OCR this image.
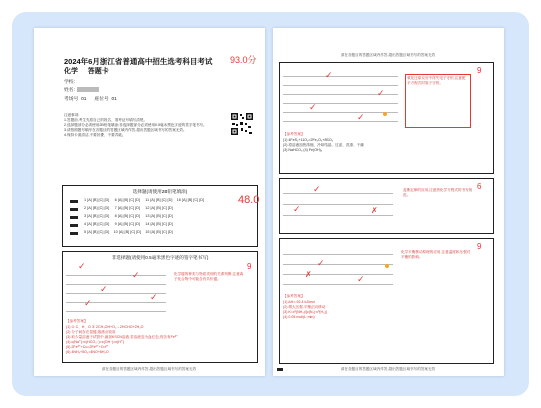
2024年6月浙江省普通高中招生选考科目考试
化学 答题卡
93.0分
学校:
姓名:
考场号 01 座位号 01
注意事项:
1.答题前,考生先将自己的姓名、准考证号填写清楚。
2.选择题部分必须使用2B铅笔填涂;非选择题部分必须使用0.5毫米黑色字迹的签字笔书写。
3.请按照题号顺序在各题目的答题区域内作答,超出答题区域书写的答案无效。
4.保持卡面清洁,不要折叠、不要弄破。
选择题(请使用2B铅笔填涂)
1 [A] [B] [C] [D] 6 [A] [B] [C] [D] 11 [A] [B] [C] [D] 16 [A] [B] [C] [D]
2 [A] [B] [C] [D] 7 [A] [B] [C] [D] 12 [A] [B] [C] [D]
3 [A] [B] [C] [D] 8 [A] [B] [C] [D] 13 [A] [B] [C] [D]
4 [A] [B] [C] [D] 9 [A] [B] [C] [D] 14 [A] [B] [C] [D]
5 [A] [B] [C] [D] 10 [A] [B] [C] [D] 15 [A] [B] [C] [D]
48.0
非选择题(请使用0.5毫米黑色字迹的签字笔书写)
9
✓
✓
✓
✓
✓
化学键的种类与物质类别的关系判断,注意离子化合物中可能含有共价键。
【参考答案】
(1) ① C、H、O ② 2CH₃OH+O₂→2HCHO+2H₂O
(2) 分子间存在氢键,熔沸点较高
(3) 取少量溶液于试管中,滴加KSCN溶液,若溶液变为血红色,则含有Fe³⁺
(4) c(Na⁺)>c(HCO₃⁻)>c(OH⁻)>c(H⁺)
(5) 2Fe³⁺+Cu=2Fe²⁺+Cu²⁺
(6) 4NH₃+5O₂=4NO+6H₂O
请在各题目的答题区域内作答,超出答题区域书写的答案无效
请在各题目的答题区域内作答,超出答题区域书写的答案无效
9
✓
✓
✓
✓
氧化还原反应中得失电子守恒,注意配平方程式时原子守恒。
【参考答案】
(1) 4FeS₂+11O₂=2Fe₂O₃+8SO₂
(2) 将溶液加热浓缩、冷却结晶、过滤、洗涤、干燥
(3) NaHCO₃ (4) Fe(OH)₃
6
✓
✓	✗
盖斯定律的应用,注意热化学方程式的书写规范。
9
✓
✗	✓
化学平衡移动原理的应用,注意温度和压强对平衡的影响。
【参考答案】
(1) ΔH=-92.4 kJ/mol
(2) 增大压强,平衡正向移动
(3) K=c²(NH₃)/[c(N₂)·c³(H₂)]
(4) 0.05 mol/(L·min)
请在各题目的答题区域内作答,超出答题区域书写的答案无效
